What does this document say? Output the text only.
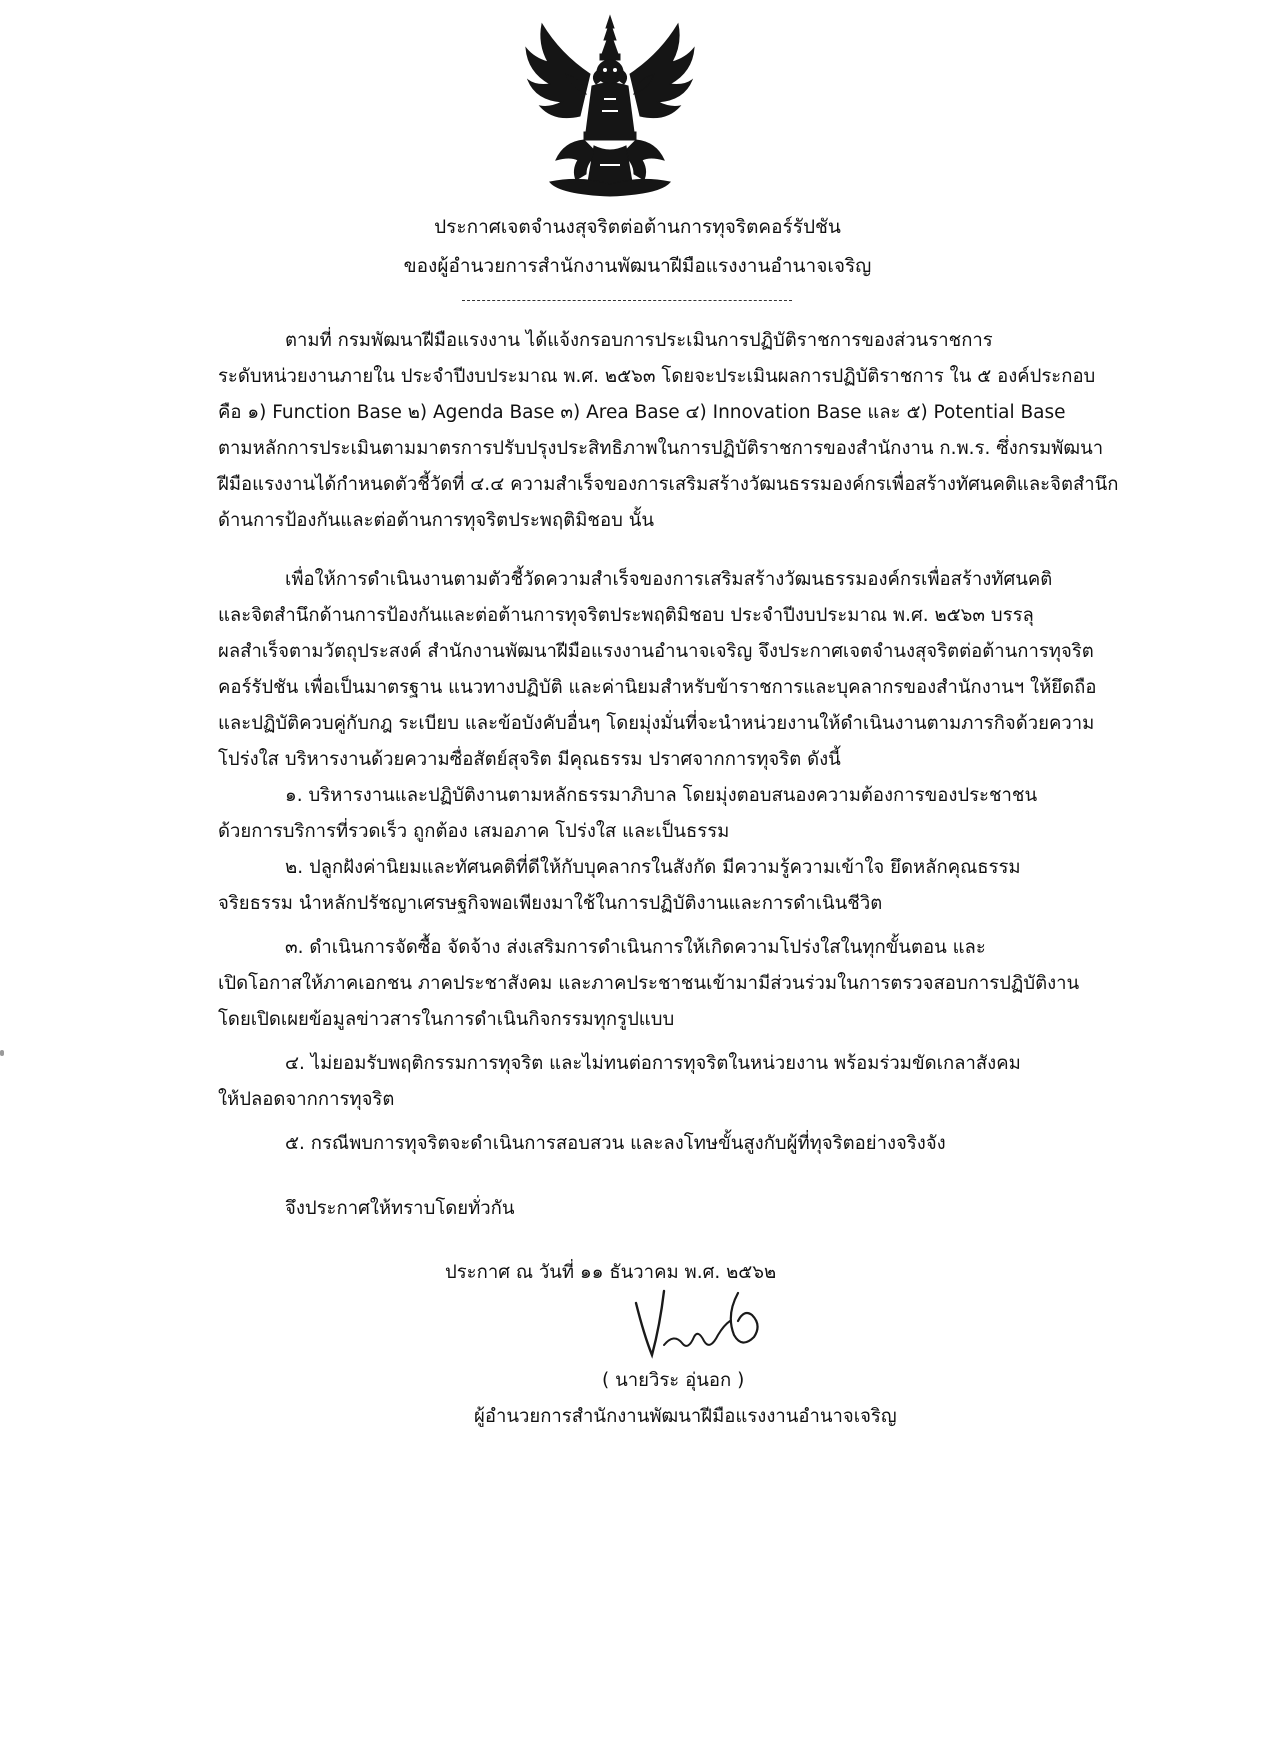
ประกาศเจตจำนงสุจริตต่อต้านการทุจริตคอร์รัปชัน
ของผู้อำนวยการสำนักงานพัฒนาฝีมือแรงงานอำนาจเจริญ
ตามที่ กรมพัฒนาฝีมือแรงงาน ได้แจ้งกรอบการประเมินการปฏิบัติราชการของส่วนราชการ
ระดับหน่วยงานภายใน ประจำปีงบประมาณ พ.ศ. ๒๕๖๓ โดยจะประเมินผลการปฏิบัติราชการ ใน ๕ องค์ประกอบ
คือ ๑) Function Base ๒) Agenda Base ๓) Area Base ๔) Innovation Base และ ๕) Potential Base
ตามหลักการประเมินตามมาตรการปรับปรุงประสิทธิภาพในการปฏิบัติราชการของสำนักงาน ก.พ.ร. ซึ่งกรมพัฒนา
ฝีมือแรงงานได้กำหนดตัวชี้วัดที่ ๔.๔ ความสำเร็จของการเสริมสร้างวัฒนธรรมองค์กรเพื่อสร้างทัศนคติและจิตสำนึก
ด้านการป้องกันและต่อต้านการทุจริตประพฤติมิชอบ นั้น
เพื่อให้การดำเนินงานตามตัวชี้วัดความสำเร็จของการเสริมสร้างวัฒนธรรมองค์กรเพื่อสร้างทัศนคติ
และจิตสำนึกด้านการป้องกันและต่อต้านการทุจริตประพฤติมิชอบ ประจำปีงบประมาณ พ.ศ. ๒๕๖๓ บรรลุ
ผลสำเร็จตามวัตถุประสงค์ สำนักงานพัฒนาฝีมือแรงงานอำนาจเจริญ จึงประกาศเจตจำนงสุจริตต่อต้านการทุจริต
คอร์รัปชัน เพื่อเป็นมาตรฐาน แนวทางปฏิบัติ และค่านิยมสำหรับข้าราชการและบุคลากรของสำนักงานฯ ให้ยึดถือ
และปฏิบัติควบคู่กับกฎ ระเบียบ และข้อบังคับอื่นๆ โดยมุ่งมั่นที่จะนำหน่วยงานให้ดำเนินงานตามภารกิจด้วยความ
โปร่งใส บริหารงานด้วยความซื่อสัตย์สุจริต มีคุณธรรม ปราศจากการทุจริต ดังนี้
๑. บริหารงานและปฏิบัติงานตามหลักธรรมาภิบาล โดยมุ่งตอบสนองความต้องการของประชาชน
ด้วยการบริการที่รวดเร็ว ถูกต้อง เสมอภาค โปร่งใส และเป็นธรรม
๒. ปลูกฝังค่านิยมและทัศนคติที่ดีให้กับบุคลากรในสังกัด มีความรู้ความเข้าใจ ยึดหลักคุณธรรม
จริยธรรม นำหลักปรัชญาเศรษฐกิจพอเพียงมาใช้ในการปฏิบัติงานและการดำเนินชีวิต
๓. ดำเนินการจัดซื้อ จัดจ้าง ส่งเสริมการดำเนินการให้เกิดความโปร่งใสในทุกขั้นตอน และ
เปิดโอกาสให้ภาคเอกชน ภาคประชาสังคม และภาคประชาชนเข้ามามีส่วนร่วมในการตรวจสอบการปฏิบัติงาน
โดยเปิดเผยข้อมูลข่าวสารในการดำเนินกิจกรรมทุกรูปแบบ
๔. ไม่ยอมรับพฤติกรรมการทุจริต และไม่ทนต่อการทุจริตในหน่วยงาน พร้อมร่วมขัดเกลาสังคม
ให้ปลอดจากการทุจริต
๕. กรณีพบการทุจริตจะดำเนินการสอบสวน และลงโทษขั้นสูงกับผู้ที่ทุจริตอย่างจริงจัง
จึงประกาศให้ทราบโดยทั่วกัน
ประกาศ ณ วันที่ ๑๑ ธันวาคม พ.ศ. ๒๕๖๒
( นายวิระ อุ่นอก )
ผู้อำนวยการสำนักงานพัฒนาฝีมือแรงงานอำนาจเจริญ
